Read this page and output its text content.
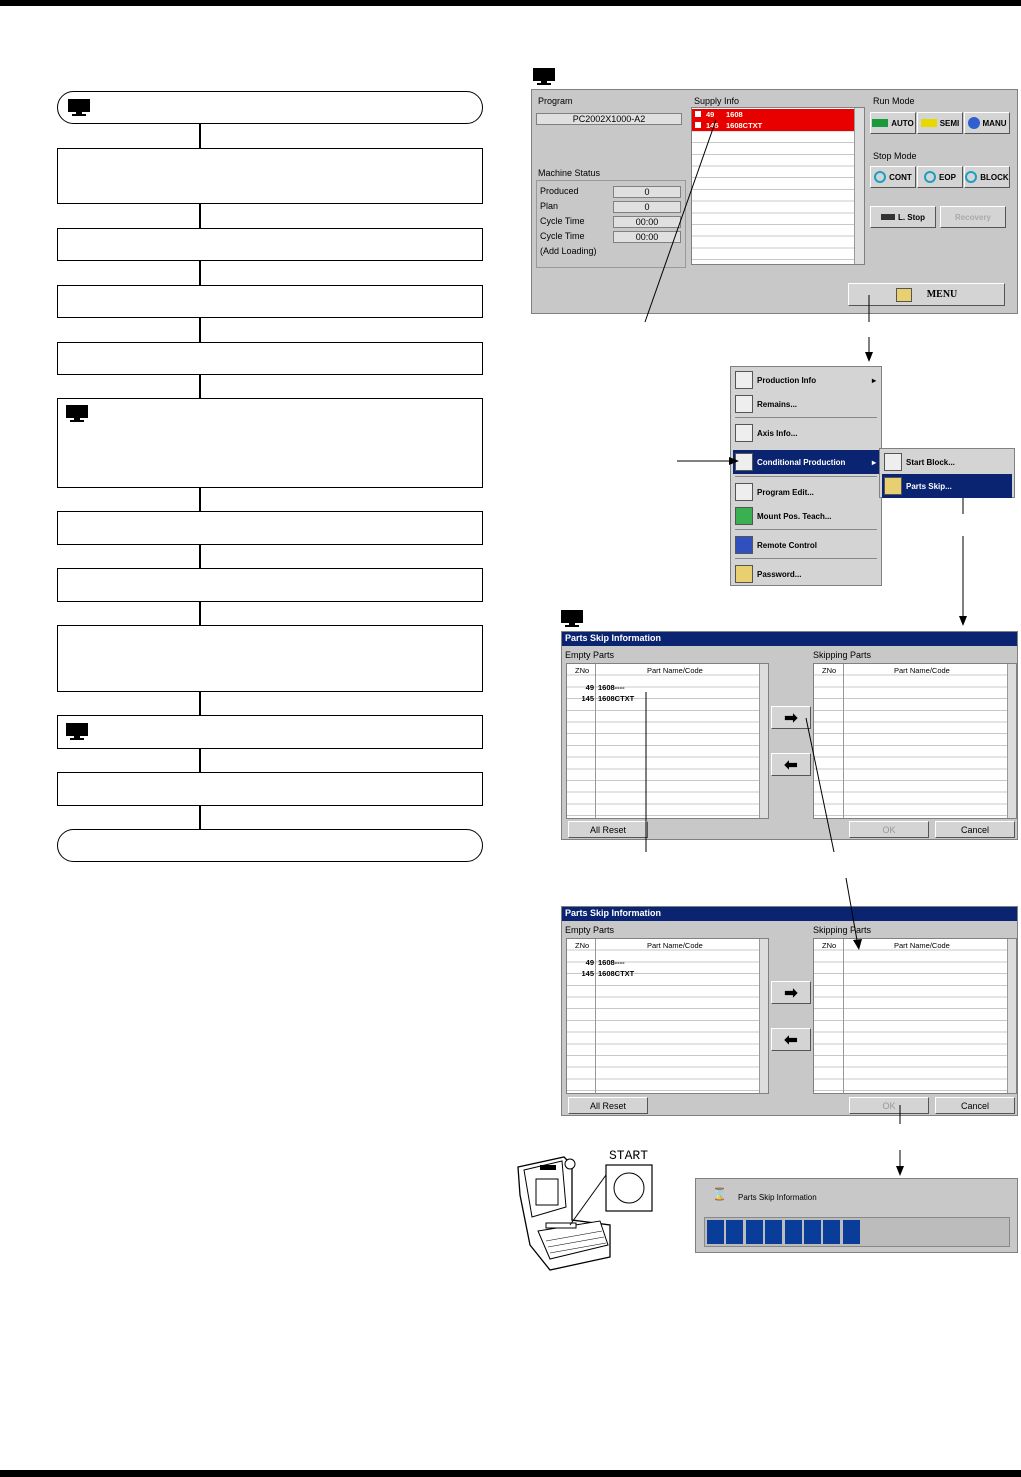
Program
PC2002X1000-A2
Machine Status
Produced	0
Plan	0
Cycle Time	00:00
Cycle Time	00:00
(Add Loading)
Supply Info
49 1608
145 1608CTXT
Run Mode
AUTO	SEMI	MANU
Stop Mode
CONT	EOP	BLOCK
L. Stop	Recovery
MENU
Production Info	▸
Remains...
Axis Info...
Conditional Production	▸
Program Edit...
Mount Pos. Teach...
Remote Control
Password...
Start Block...
Parts Skip...
Parts Skip Information
Empty Parts	Skipping Parts
ZNo	Part Name/Code
49 1608----
145 1608CTXT
ZNo	Part Name/Code
➡
⬅
All Reset	OK	Cancel
Parts Skip Information
Empty Parts	Skipping Parts
ZNo	Part Name/Code
49 1608----
145 1608CTXT
ZNo	Part Name/Code
➡
⬅
All Reset	OK	Cancel
START
⌛ Parts Skip Information
